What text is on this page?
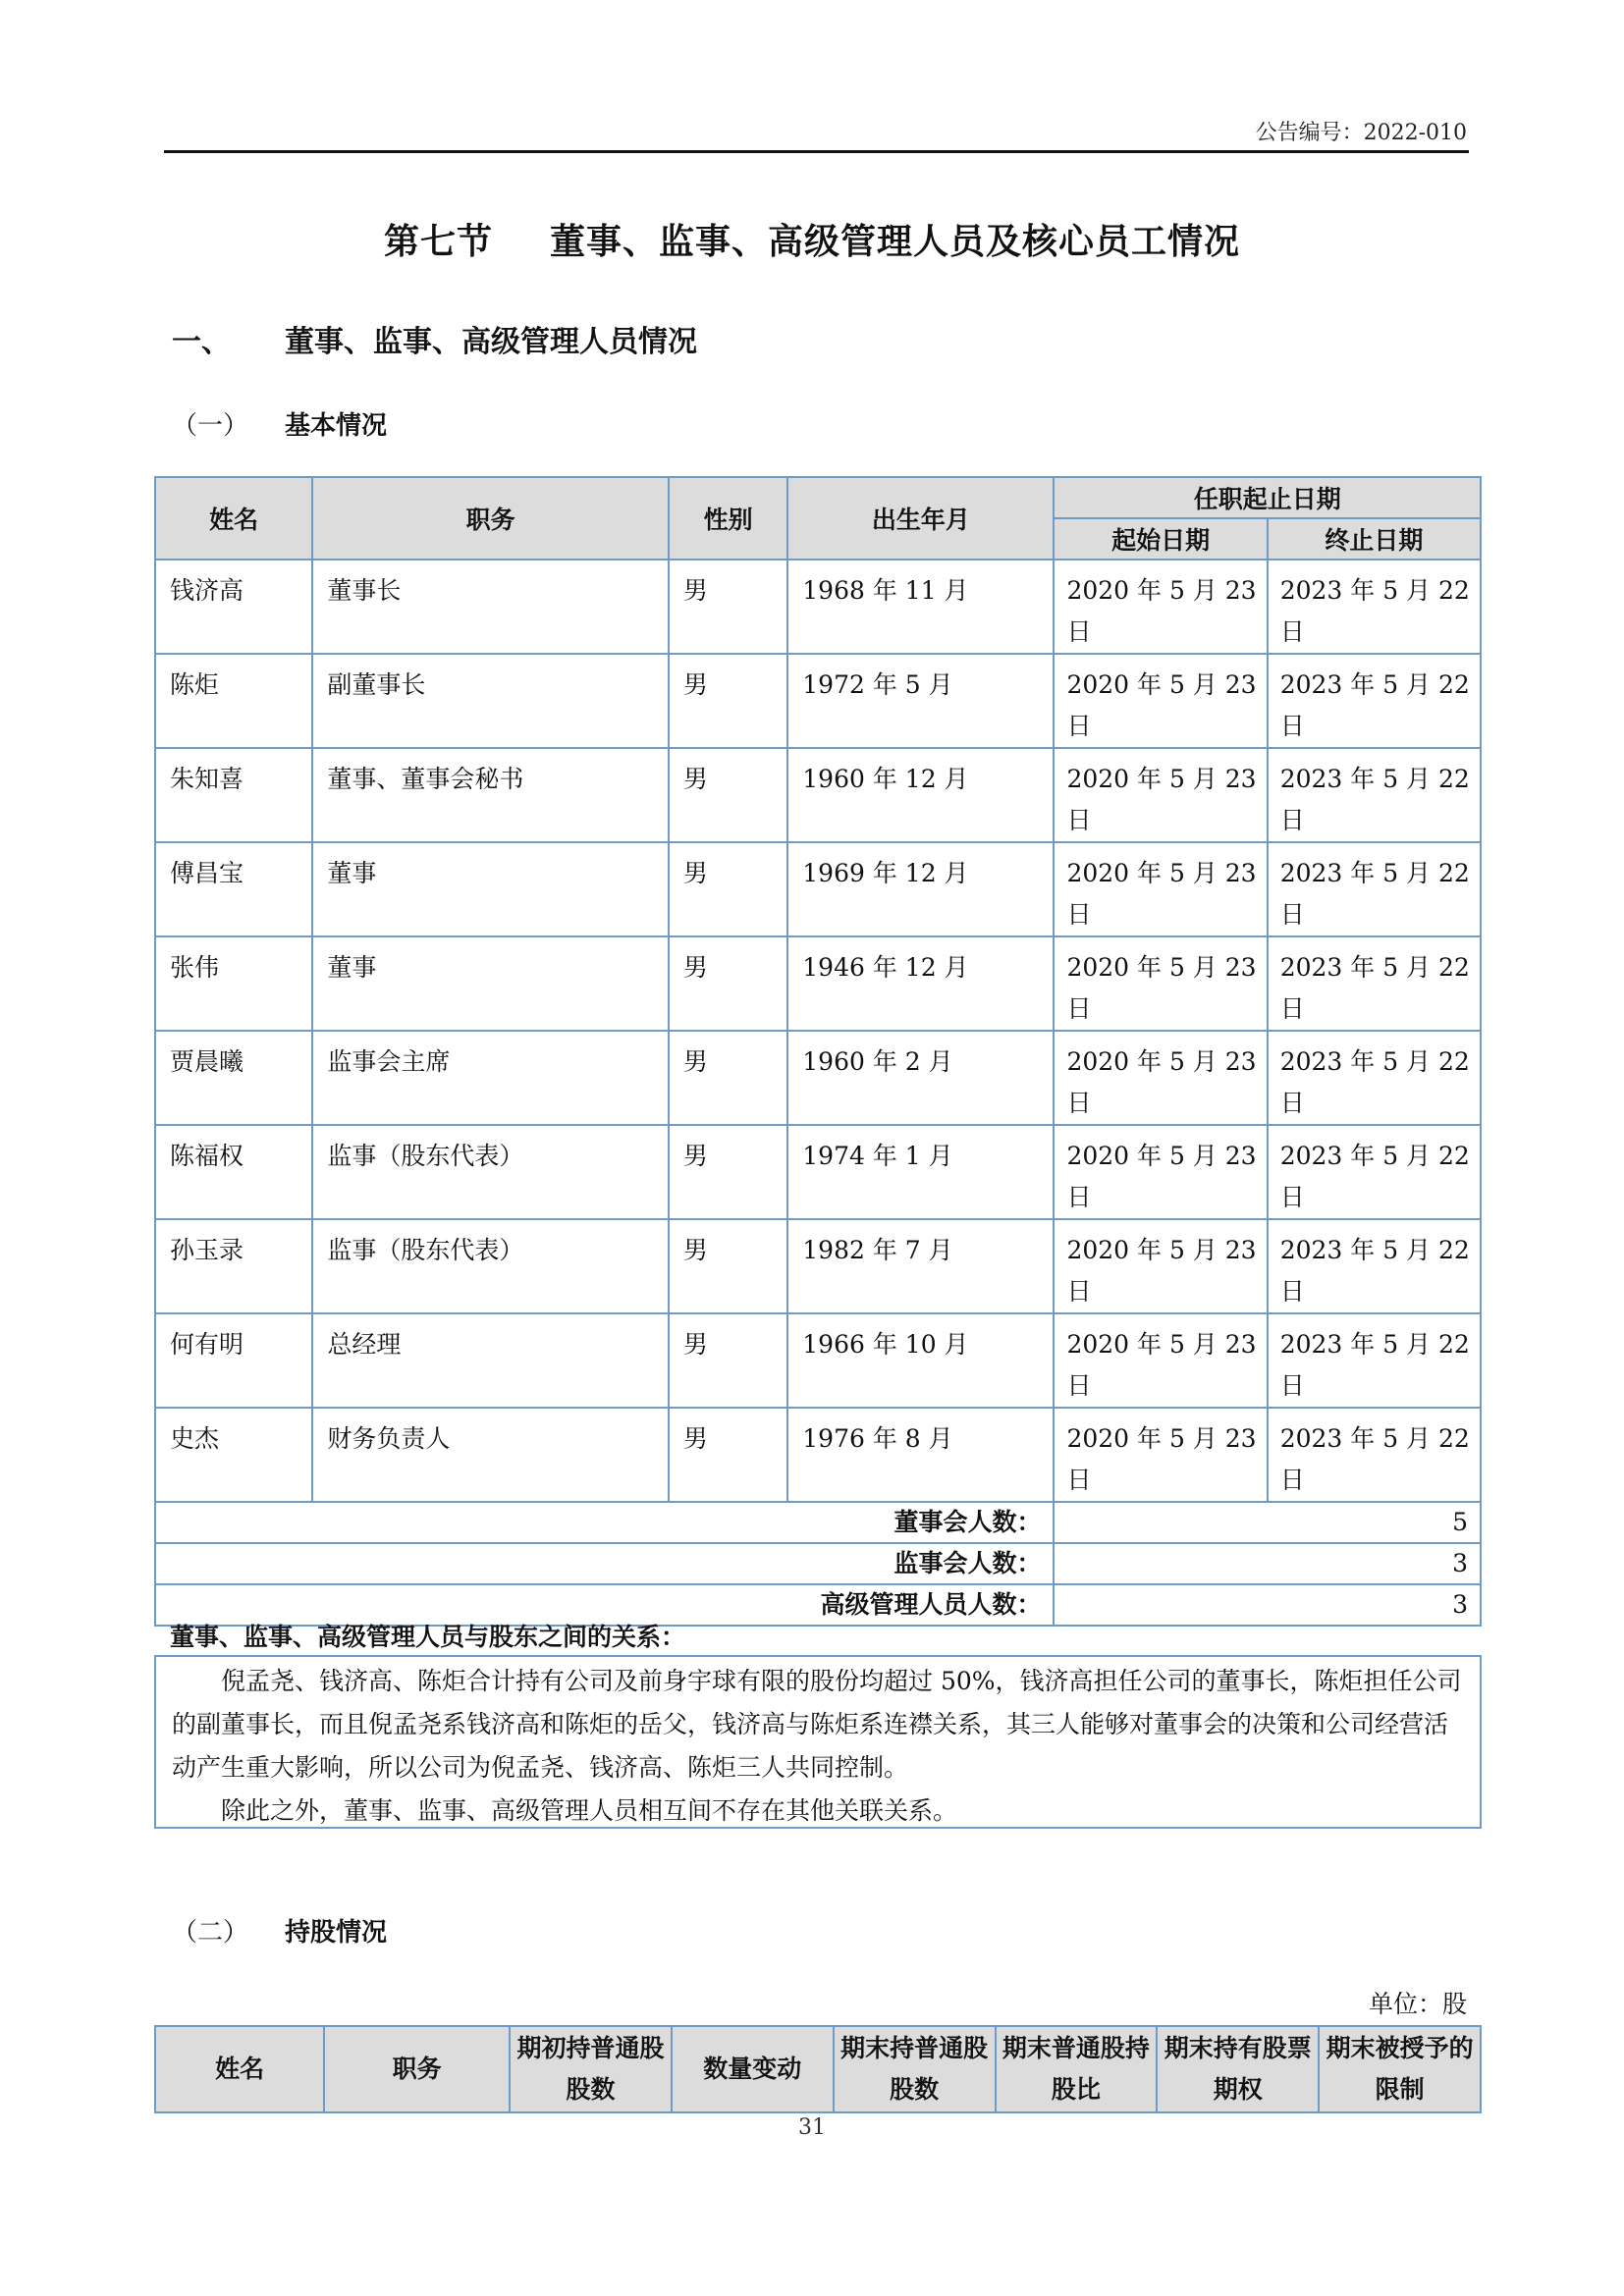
公告编号：2022-010
第七节 董事、监事、高级管理人员及核心员工情况
一、 董事、监事、高级管理人员情况
（一） 基本情况
姓名	职务	性别	出生年月	任职起止日期	
				起始日期	终止日期
钱济高	董事长	男	1968 年 11 月	2020 年 5 月 23 日	2023 年 5 月 22 日
陈炬	副董事长	男	1972 年 5 月	2020 年 5 月 23 日	2023 年 5 月 22 日
朱知喜	董事、董事会秘书	男	1960 年 12 月	2020 年 5 月 23 日	2023 年 5 月 22 日
傅昌宝	董事	男	1969 年 12 月	2020 年 5 月 23 日	2023 年 5 月 22 日
张伟	董事	男	1946 年 12 月	2020 年 5 月 23 日	2023 年 5 月 22 日
贾晨曦	监事会主席	男	1960 年 2 月	2020 年 5 月 23 日	2023 年 5 月 22 日
陈福权	监事（股东代表）	男	1974 年 1 月	2020 年 5 月 23 日	2023 年 5 月 22 日
孙玉录	监事（股东代表）	男	1982 年 7 月	2020 年 5 月 23 日	2023 年 5 月 22 日
何有明	总经理	男	1966 年 10 月	2020 年 5 月 23 日	2023 年 5 月 22 日
史杰	财务负责人	男	1976 年 8 月	2020 年 5 月 23 日	2023 年 5 月 22 日
董事会人数：				5	
监事会人数：				3	
高级管理人员人数：				3	
董事、监事、高级管理人员与股东之间的关系：

倪孟尧、钱济高、陈炬合计持有公司及前身宇球有限的股份均超过 50%，钱济高担任公司的董事长，陈炬担任公司的副董事长，而且倪孟尧系钱济高和陈炬的岳父，钱济高与陈炬系连襟关系，其三人能够对董事会的决策和公司经营活动产生重大影响，所以公司为倪孟尧、钱济高、陈炬三人共同控制。

除此之外，董事、监事、高级管理人员相互间不存在其他关联关系。

（二） 持股情况
单位：股
姓名	职务	期初持普通股股数	数量变动	期末持普通股股数	期末普通股持股比	期末持有股票期权	期末被授予的限制
31
